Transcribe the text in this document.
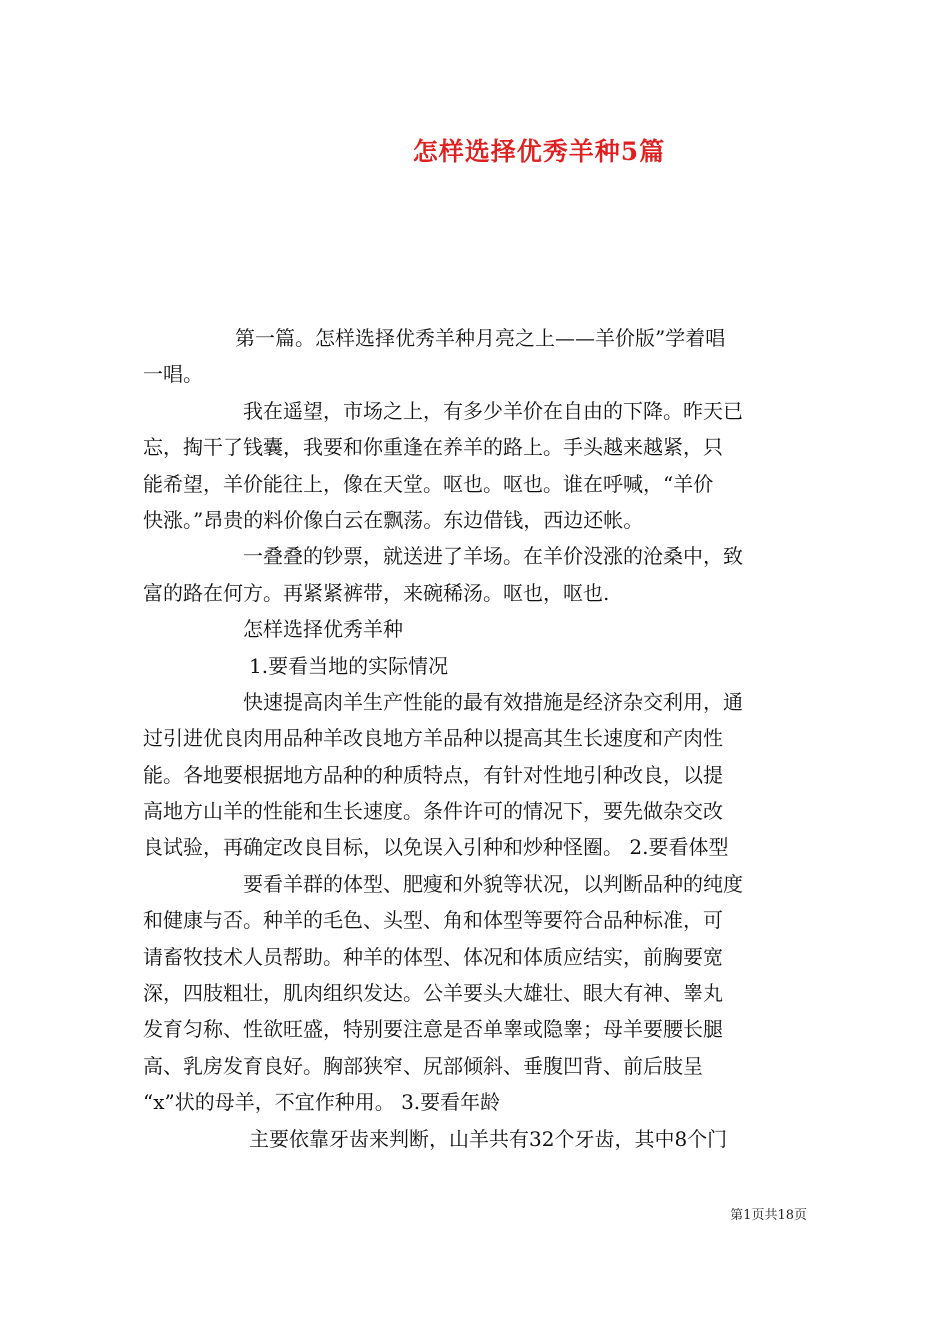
怎样选择优秀羊种5篇
第一篇。怎样选择优秀羊种月亮之上——羊价版”学着唱
一唱。
我在遥望，市场之上，有多少羊价在自由的下降。昨天已
忘，掏干了钱囊，我要和你重逢在养羊的路上。手头越来越紧，只
能希望，羊价能往上，像在天堂。呕也。呕也。谁在呼喊，“羊价
快涨。”昂贵的料价像白云在飘荡。东边借钱，西边还帐。
一叠叠的钞票，就送进了羊场。在羊价没涨的沧桑中，致
富的路在何方。再紧紧裤带，来碗稀汤。呕也，呕也.
怎样选择优秀羊种
1.要看当地的实际情况
快速提高肉羊生产性能的最有效措施是经济杂交利用，通
过引进优良肉用品种羊改良地方羊品种以提高其生长速度和产肉性
能。各地要根据地方品种的种质特点，有针对性地引种改良，以提
高地方山羊的性能和生长速度。条件许可的情况下，要先做杂交改
良试验，再确定改良目标，以免误入引种和炒种怪圈。 2.要看体型
要看羊群的体型、肥瘦和外貌等状况，以判断品种的纯度
和健康与否。种羊的毛色、头型、角和体型等要符合品种标准，可
请畜牧技术人员帮助。种羊的体型、体况和体质应结实，前胸要宽
深，四肢粗壮，肌肉组织发达。公羊要头大雄壮、眼大有神、睾丸
发育匀称、性欲旺盛，特别要注意是否单睾或隐睾；母羊要腰长腿
高、乳房发育良好。胸部狭窄、尻部倾斜、垂腹凹背、前后肢呈
“x”状的母羊，不宜作种用。 3.要看年龄
主要依靠牙齿来判断，山羊共有32个牙齿，其中8个门
第1页共18页
